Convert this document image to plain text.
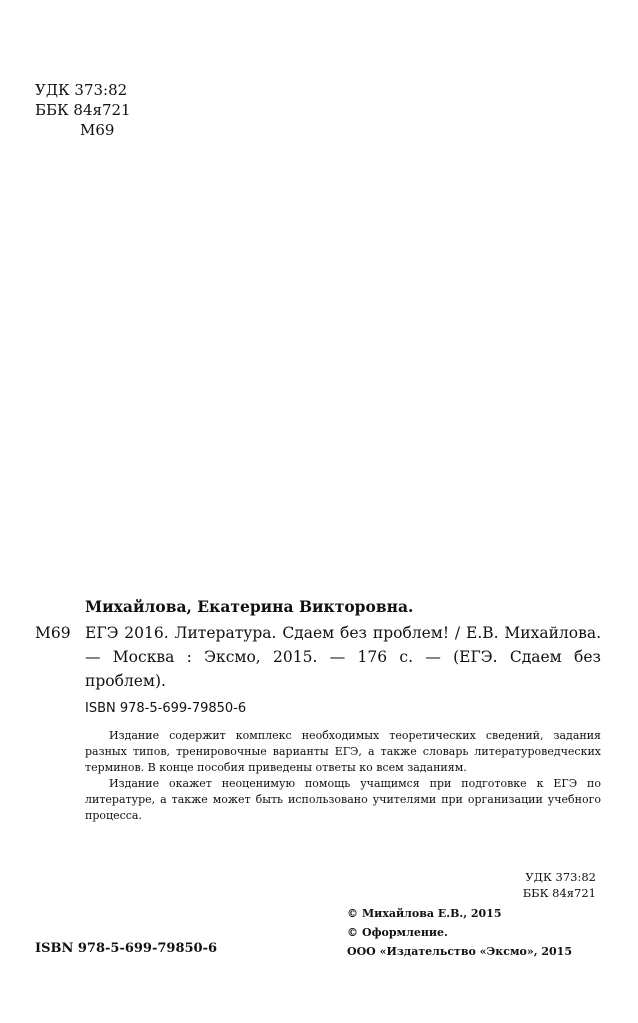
УДК 373:82
ББК 84я721
М69
Михайлова, Екатерина Викторовна.
М69 ЕГЭ 2016. Литература. Сдаем без проблем! / Е.В. Михайлова. — Москва : Эксмо, 2015. — 176 с. — (ЕГЭ. Сдаем без проблем).
ISBN 978-5-699-79850-6

Издание содержит комплекс необходимых теоретических сведений, задания разных типов, тренировочные варианты ЕГЭ, а также словарь литературоведческих терминов. В конце пособия приведены ответы ко всем заданиям.

Издание окажет неоценимую помощь учащимся при подготовке к ЕГЭ по литературе, а также может быть использовано учителями при организации учебного процесса.

УДК 373:82
ББК 84я721
© Михайлова Е.В., 2015
© Оформление.
ООО «Издательство «Эксмо», 2015
ISBN 978-5-699-79850-6
